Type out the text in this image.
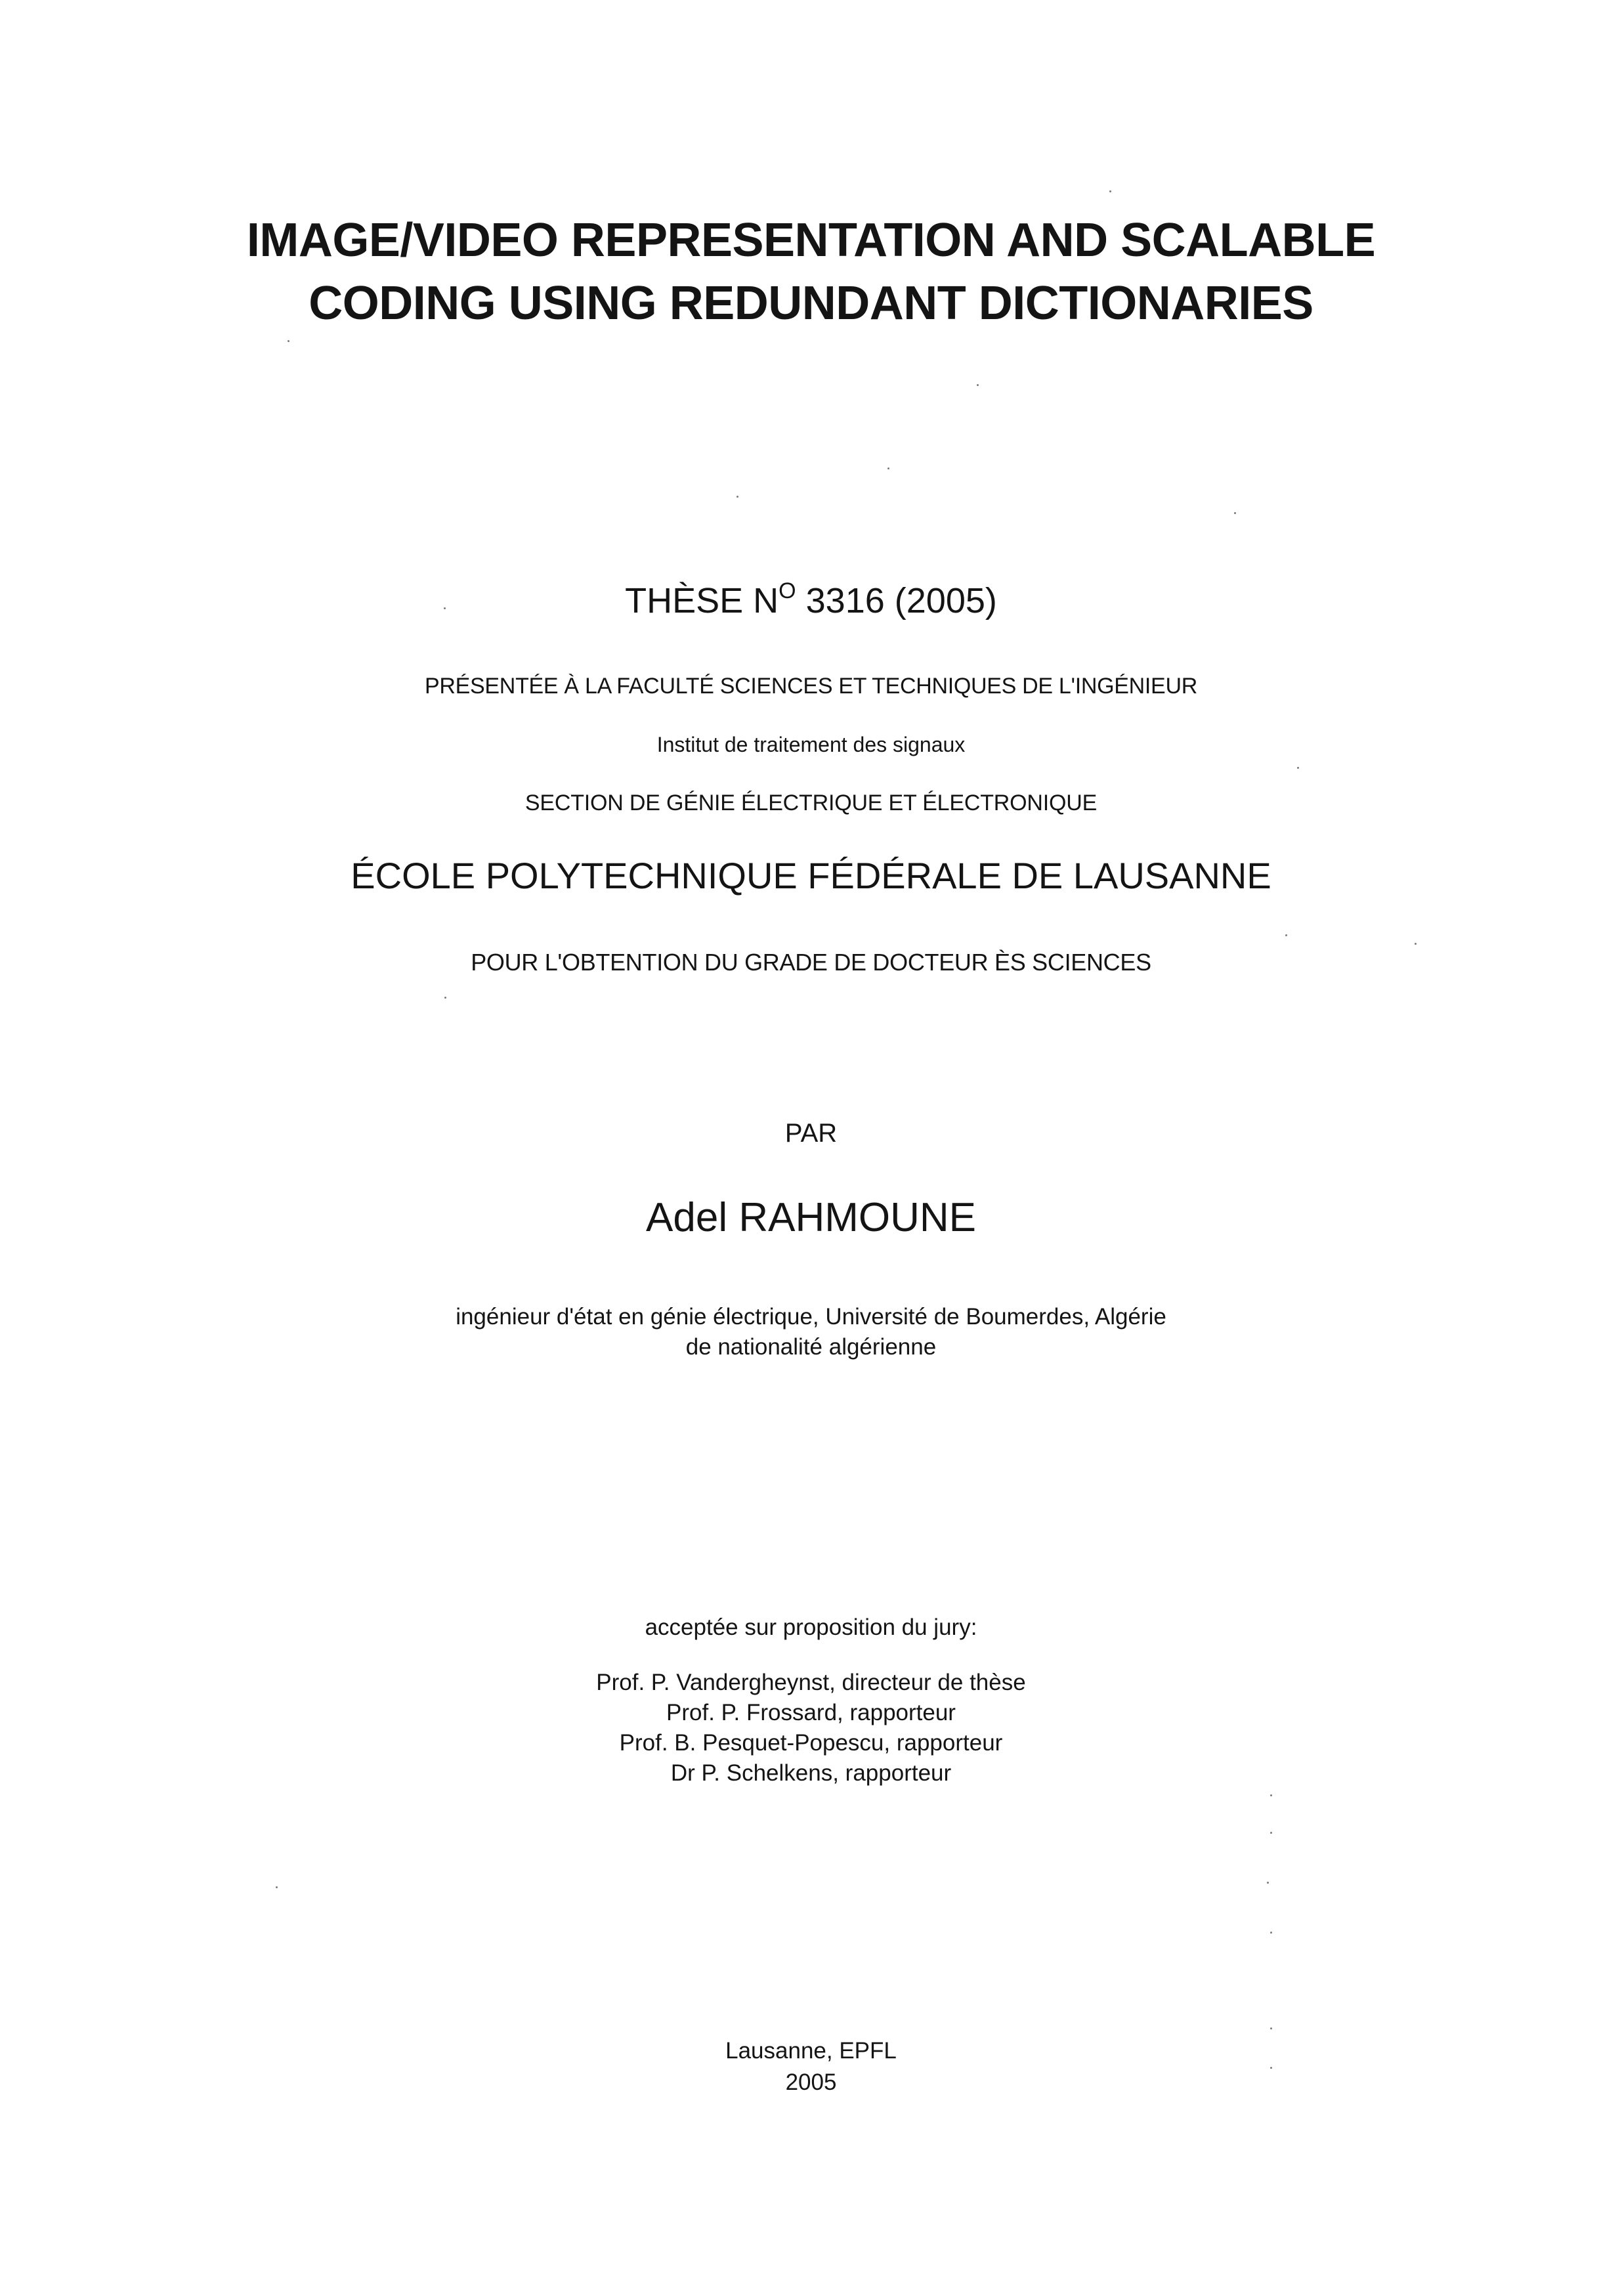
IMAGE/VIDEO REPRESENTATION AND SCALABLE
CODING USING REDUNDANT DICTIONARIES
THÈSE $N^O$ 3316 (2005)
PRÉSENTÉE À LA FACULTÉ SCIENCES ET TECHNIQUES DE L'INGÉNIEUR
Institut de traitement des signaux
SECTION DE GÉNIE ÉLECTRIQUE ET ÉLECTRONIQUE
ÉCOLE POLYTECHNIQUE FÉDÉRALE DE LAUSANNE
POUR L'OBTENTION DU GRADE DE DOCTEUR ÈS SCIENCES
PAR
Adel RAHMOUNE
ingénieur d'état en génie électrique, Université de Boumerdes, Algérie
de nationalité algérienne
acceptée sur proposition du jury:
Prof. P. Vandergheynst, directeur de thèse
Prof. P. Frossard, rapporteur
Prof. B. Pesquet-Popescu, rapporteur
Dr P. Schelkens, rapporteur
Lausanne, EPFL
2005
